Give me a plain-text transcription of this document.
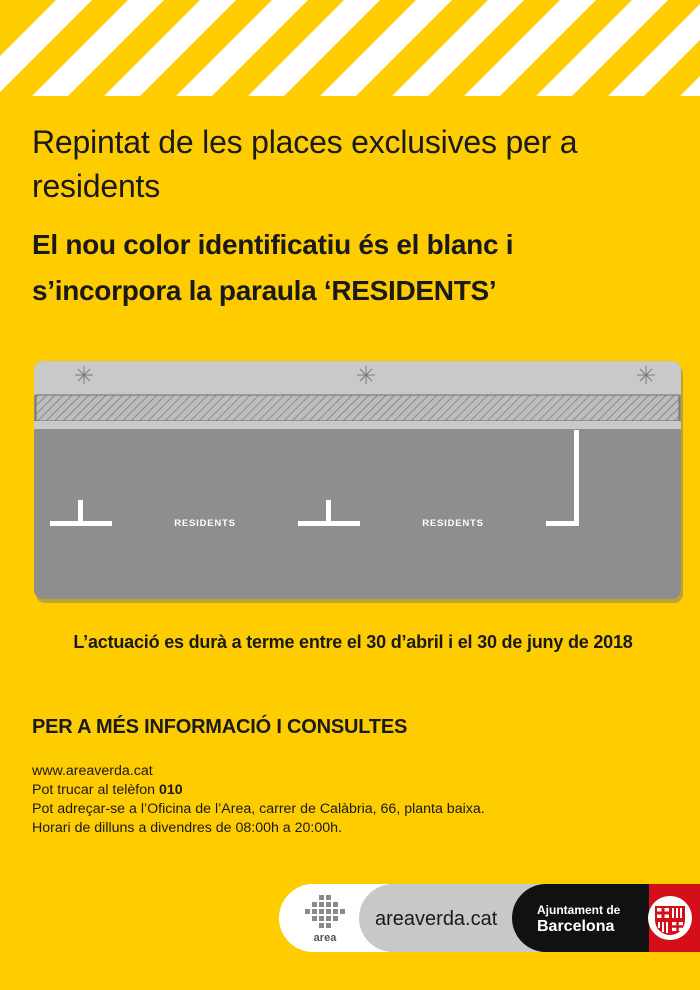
Repintat de les places exclusives per a residents
El nou color identificatiu és el blanc i
s’incorpora la paraula ‘RESIDENTS’
RESIDENTS	RESIDENTS
L’actuació es durà a terme entre el 30 d’abril i el 30 de juny de 2018
PER A MÉS INFORMACIÓ I CONSULTES
www.areaverda.cat
Pot trucar al telèfon 010
Pot adreçar-se a l’Oficina de l’Area, carrer de Calàbria, 66, planta baixa.
Horari de dilluns a divendres de 08:00h a 20:00h.
area
areaverda.cat	Ajuntament de
Barcelona
